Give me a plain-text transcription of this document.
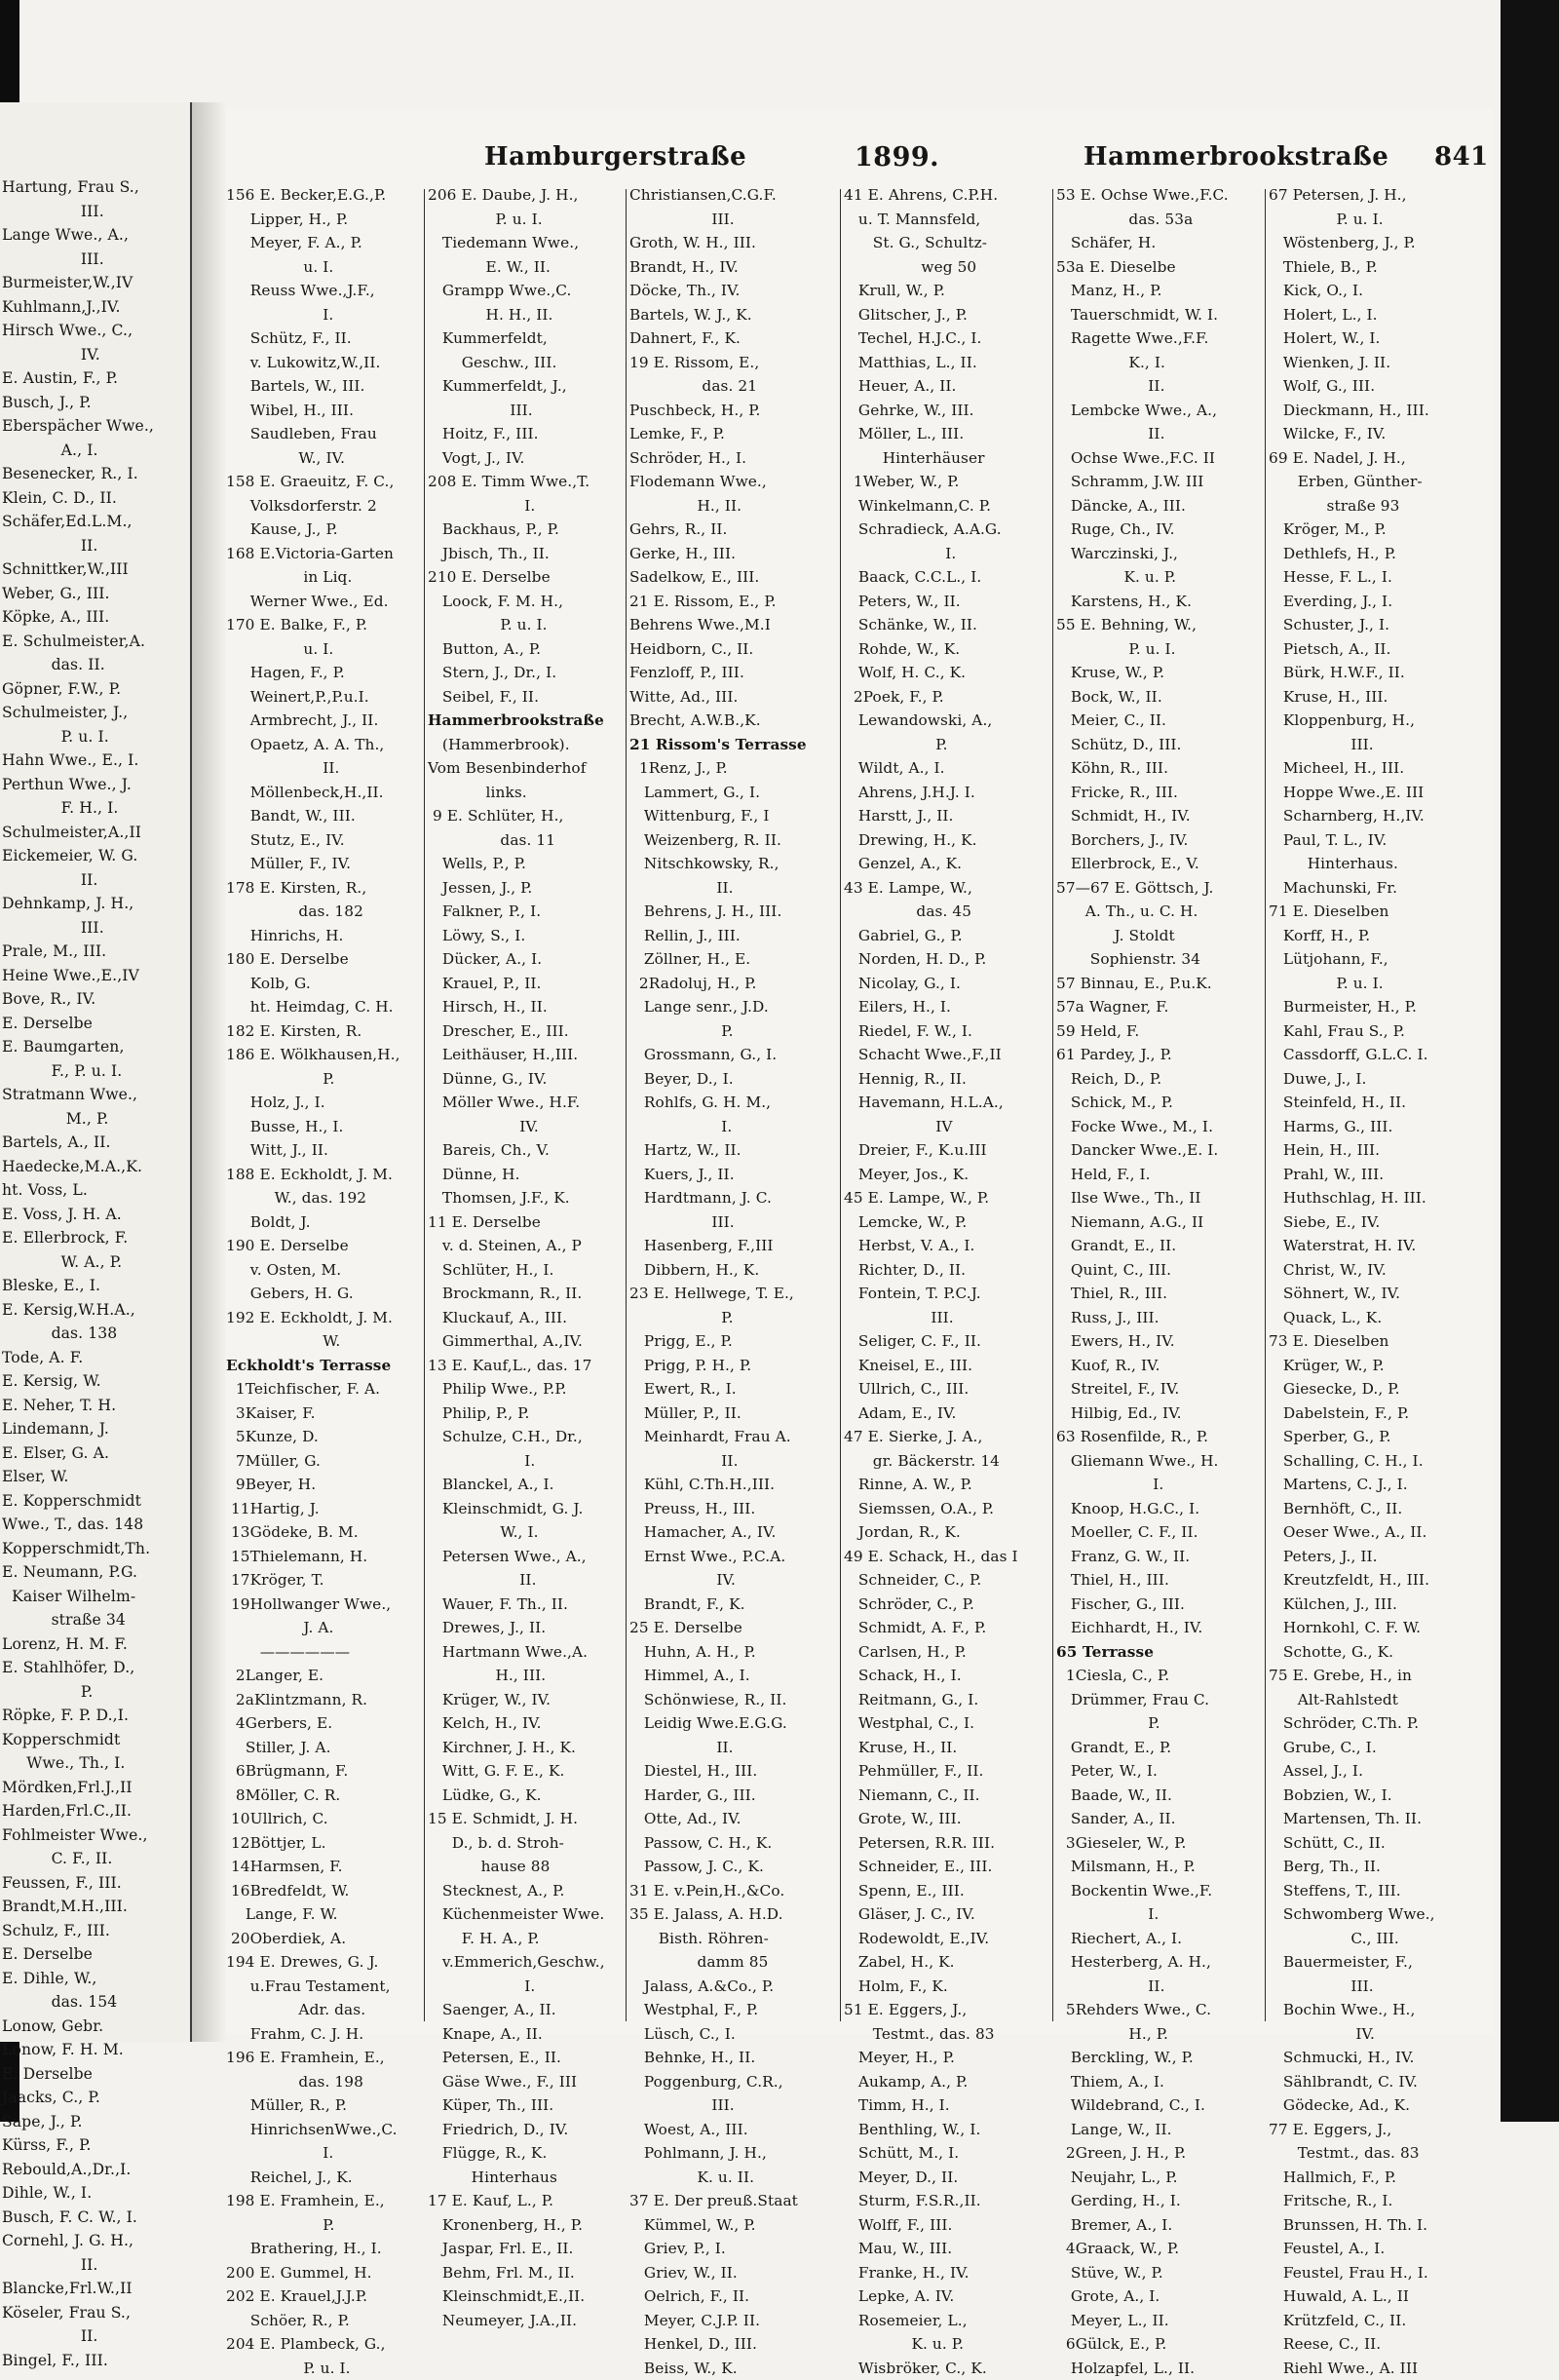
Hartung, Frau S.,
III.
Lange Wwe., A.,
III.
Burmeister,W.,IV
Kuhlmann,J.,IV.
Hirsch Wwe., C.,
IV.
E. Austin, F., P.
Busch, J., P.
Eberspächer Wwe.,
A., I.
Besenecker, R., I.
Klein, C. D., II.
Schäfer,Ed.L.M.,
II.
Schnittker,W.,III
Weber, G., III.
Köpke, A., III.
E. Schulmeister,A.
das. II.
Göpner, F.W., P.
Schulmeister, J.,
P. u. I.
Hahn Wwe., E., I.
Perthun Wwe., J.
F. H., I.
Schulmeister,A.,II
Eickemeier, W. G.
II.
Dehnkamp, J. H.,
III.
Prale, M., III.
Heine Wwe.,E.,IV
Bove, R., IV.
E. Derselbe
E. Baumgarten,
F., P. u. I.
Stratmann Wwe.,
M., P.
Bartels, A., II.
Haedecke,M.A.,K.
ht. Voss, L.
E. Voss, J. H. A.
E. Ellerbrock, F.
W. A., P.
Bleske, E., I.
E. Kersig,W.H.A.,
das. 138
Tode, A. F.
E. Kersig, W.
E. Neher, T. H.
Lindemann, J.
E. Elser, G. A.
Elser, W.
E. Kopperschmidt
Wwe., T., das. 148
Kopperschmidt,Th.
E. Neumann, P.G.
Kaiser Wilhelm-
straße 34
Lorenz, H. M. F.
E. Stahlhöfer, D.,
P.
Röpke, F. P. D.,I.
Kopperschmidt
Wwe., Th., I.
Mördken,Frl.J.,II
Harden,Frl.C.,II.
Fohlmeister Wwe.,
C. F., II.
Feussen, F., III.
Brandt,M.H.,III.
Schulz, F., III.
E. Derselbe
E. Dihle, W.,
das. 154
Lonow, Gebr.
Lonow, F. H. M.
E. Derselbe
Jaacks, C., P.
Sape, J., P.
Kürss, F., P.
Rebould,A.,Dr.,I.
Dihle, W., I.
Busch, F. C. W., I.
Cornehl, J. G. H.,
II.
Blancke,Frl.W.,II
Köseler, Frau S.,
II.
Bingel, F., III.
Hamburgerstraße	1899.	Hammerbrookstraße 841
156 E. Becker,E.G.,P.
Lipper, H., P.
Meyer, F. A., P.
u. I.
Reuss Wwe.,J.F.,
I.
Schütz, F., II.
v. Lukowitz,W.,II.
Bartels, W., III.
Wibel, H., III.
Saudleben, Frau
W., IV.
158 E. Graeuitz, F. C.,
Volksdorferstr. 2
Kause, J., P.
168 E.Victoria-Garten
in Liq.
Werner Wwe., Ed.
170 E. Balke, F., P.
u. I.
Hagen, F., P.
Weinert,P.,P.u.I.
Armbrecht, J., II.
Opaetz, A. A. Th.,
II.
Möllenbeck,H.,II.
Bandt, W., III.
Stutz, E., IV.
Müller, F., IV.
178 E. Kirsten, R.,
das. 182
Hinrichs, H.
180 E. Derselbe
Kolb, G.
ht. Heimdag, C. H.
182 E. Kirsten, R.
186 E. Wölkhausen,H.,
P.
Holz, J., I.
Busse, H., I.
Witt, J., II.
188 E. Eckholdt, J. M.
W., das. 192
Boldt, J.
190 E. Derselbe
v. Osten, M.
Gebers, H. G.
192 E. Eckholdt, J. M.
W.
Eckholdt's Terrasse
1Teichfischer, F. A.
3Kaiser, F.
5Kunze, D.
7Müller, G.
9Beyer, H.
11Hartig, J.
13Gödeke, B. M.
15Thielemann, H.
17Kröger, T.
19Hollwanger Wwe.,
J. A.
——————
2Langer, E.
2aKlintzmann, R.
4Gerbers, E.
Stiller, J. A.
6Brügmann, F.
8Möller, C. R.
10Ullrich, C.
12Böttjer, L.
14Harmsen, F.
16Bredfeldt, W.
Lange, F. W.
20Oberdiek, A.
194 E. Drewes, G. J.
u.Frau Testament,
Adr. das.
Frahm, C. J. H.
196 E. Framhein, E.,
das. 198
Müller, R., P.
HinrichsenWwe.,C.
I.
Reichel, J., K.
198 E. Framhein, E.,
P.
Brathering, H., I.
200 E. Gummel, H.
202 E. Krauel,J.J.P.
Schöer, R., P.
204 E. Plambeck, G.,
P. u. I.
206 E. Daube, J. H.,
P. u. I.
Tiedemann Wwe.,
E. W., II.
Grampp Wwe.,C.
H. H., II.
Kummerfeldt,
Geschw., III.
Kummerfeldt, J.,
III.
Hoitz, F., III.
Vogt, J., IV.
208 E. Timm Wwe.,T.
I.
Backhaus, P., P.
Jbisch, Th., II.
210 E. Derselbe
Loock, F. M. H.,
P. u. I.
Button, A., P.
Stern, J., Dr., I.
Seibel, F., II.
Hammerbrookstraße
(Hammerbrook).
Vom Besenbinderhof
links.
9 E. Schlüter, H.,
das. 11
Wells, P., P.
Jessen, J., P.
Falkner, P., I.
Löwy, S., I.
Dücker, A., I.
Krauel, P., II.
Hirsch, H., II.
Drescher, E., III.
Leithäuser, H.,III.
Dünne, G., IV.
Möller Wwe., H.F.
IV.
Bareis, Ch., V.
Dünne, H.
Thomsen, J.F., K.
11 E. Derselbe
v. d. Steinen, A., P
Schlüter, H., I.
Brockmann, R., II.
Kluckauf, A., III.
Gimmerthal, A.,IV.
13 E. Kauf,L., das. 17
Philip Wwe., P.P.
Philip, P., P.
Schulze, C.H., Dr.,
I.
Blanckel, A., I.
Kleinschmidt, G. J.
W., I.
Petersen Wwe., A.,
II.
Wauer, F. Th., II.
Drewes, J., II.
Hartmann Wwe.,A.
H., III.
Krüger, W., IV.
Kelch, H., IV.
Kirchner, J. H., K.
Witt, G. F. E., K.
Lüdke, G., K.
15 E. Schmidt, J. H.
D., b. d. Stroh-
hause 88
Stecknest, A., P.
Küchenmeister Wwe.
F. H. A., P.
v.Emmerich,Geschw.,
I.
Saenger, A., II.
Knape, A., II.
Petersen, E., II.
Gäse Wwe., F., III
Küper, Th., III.
Friedrich, D., IV.
Flügge, R., K.
Hinterhaus
17 E. Kauf, L., P.
Kronenberg, H., P.
Jaspar, Frl. E., II.
Behm, Frl. M., II.
Kleinschmidt,E.,II.
Neumeyer, J.A.,II.
Christiansen,C.G.F.
III.
Groth, W. H., III.
Brandt, H., IV.
Döcke, Th., IV.
Bartels, W. J., K.
Dahnert, F., K.
19 E. Rissom, E.,
das. 21
Puschbeck, H., P.
Lemke, F., P.
Schröder, H., I.
Flodemann Wwe.,
H., II.
Gehrs, R., II.
Gerke, H., III.
Sadelkow, E., III.
21 E. Rissom, E., P.
Behrens Wwe.,M.I
Heidborn, C., II.
Fenzloff, P., III.
Witte, Ad., III.
Brecht, A.W.B.,K.
21 Rissom's Terrasse
1Renz, J., P.
Lammert, G., I.
Wittenburg, F., I
Weizenberg, R. II.
Nitschkowsky, R.,
II.
Behrens, J. H., III.
Rellin, J., III.
Zöllner, H., E.
2Radoluj, H., P.
Lange senr., J.D.
P.
Grossmann, G., I.
Beyer, D., I.
Rohlfs, G. H. M.,
I.
Hartz, W., II.
Kuers, J., II.
Hardtmann, J. C.
III.
Hasenberg, F.,III
Dibbern, H., K.
23 E. Hellwege, T. E.,
P.
Prigg, E., P.
Prigg, P. H., P.
Ewert, R., I.
Müller, P., II.
Meinhardt, Frau A.
II.
Kühl, C.Th.H.,III.
Preuss, H., III.
Hamacher, A., IV.
Ernst Wwe., P.C.A.
IV.
Brandt, F., K.
25 E. Derselbe
Huhn, A. H., P.
Himmel, A., I.
Schönwiese, R., II.
Leidig Wwe.E.G.G.
II.
Diestel, H., III.
Harder, G., III.
Otte, Ad., IV.
Passow, C. H., K.
Passow, J. C., K.
31 E. v.Pein,H.,&Co.
35 E. Jalass, A. H.D.
Bisth. Röhren-
damm 85
Jalass, A.&Co., P.
Westphal, F., P.
Lüsch, C., I.
Behnke, H., II.
Poggenburg, C.R.,
III.
Woest, A., III.
Pohlmann, J. H.,
K. u. II.
37 E. Der preuß.Staat
Kümmel, W., P.
Griev, P., I.
Griev, W., II.
Oelrich, F., II.
Meyer, C.J.P. II.
Henkel, D., III.
Beiss, W., K.
41 E. Ahrens, C.P.H.
u. T. Mannsfeld,
St. G., Schultz-
weg 50
Krull, W., P.
Glitscher, J., P.
Techel, H.J.C., I.
Matthias, L., II.
Heuer, A., II.
Gehrke, W., III.
Möller, L., III.
Hinterhäuser
1Weber, W., P.
Winkelmann,C. P.
Schradieck, A.A.G.
I.
Baack, C.C.L., I.
Peters, W., II.
Schänke, W., II.
Rohde, W., K.
Wolf, H. C., K.
2Poek, F., P.
Lewandowski, A.,
P.
Wildt, A., I.
Ahrens, J.H.J. I.
Harstt, J., II.
Drewing, H., K.
Genzel, A., K.
43 E. Lampe, W.,
das. 45
Gabriel, G., P.
Norden, H. D., P.
Nicolay, G., I.
Eilers, H., I.
Riedel, F. W., I.
Schacht Wwe.,F.,II
Hennig, R., II.
Havemann, H.L.A.,
IV
Dreier, F., K.u.III
Meyer, Jos., K.
45 E. Lampe, W., P.
Lemcke, W., P.
Herbst, V. A., I.
Richter, D., II.
Fontein, T. P.C.J.
III.
Seliger, C. F., II.
Kneisel, E., III.
Ullrich, C., III.
Adam, E., IV.
47 E. Sierke, J. A.,
gr. Bäckerstr. 14
Rinne, A. W., P.
Siemssen, O.A., P.
Jordan, R., K.
49 E. Schack, H., das I
Schneider, C., P.
Schröder, C., P.
Schmidt, A. F., P.
Carlsen, H., P.
Schack, H., I.
Reitmann, G., I.
Westphal, C., I.
Kruse, H., II.
Pehmüller, F., II.
Niemann, C., II.
Grote, W., III.
Petersen, R.R. III.
Schneider, E., III.
Spenn, E., III.
Gläser, J. C., IV.
Rodewoldt, E.,IV.
Zabel, H., K.
Holm, F., K.
51 E. Eggers, J.,
Testmt., das. 83
Meyer, H., P.
Aukamp, A., P.
Timm, H., I.
Benthling, W., I.
Schütt, M., I.
Meyer, D., II.
Sturm, F.S.R.,II.
Wolff, F., III.
Mau, W., III.
Franke, H., IV.
Lepke, A. IV.
Rosemeier, L.,
K. u. P.
Wisbröker, C., K.
53 E. Ochse Wwe.,F.C.
das. 53a
Schäfer, H.
53a E. Dieselbe
Manz, H., P.
Tauerschmidt, W. I.
Ragette Wwe.,F.F.
K., I.
II.
Lembcke Wwe., A.,
II.
Ochse Wwe.,F.C. II
Schramm, J.W. III
Däncke, A., III.
Ruge, Ch., IV.
Warczinski, J.,
K. u. P.
Karstens, H., K.
55 E. Behning, W.,
P. u. I.
Kruse, W., P.
Bock, W., II.
Meier, C., II.
Schütz, D., III.
Köhn, R., III.
Fricke, R., III.
Schmidt, H., IV.
Borchers, J., IV.
Ellerbrock, E., V.
57—67 E. Göttsch, J.
A. Th., u. C. H.
J. Stoldt
Sophienstr. 34
57 Binnau, E., P.u.K.
57a Wagner, F.
59 Held, F.
61 Pardey, J., P.
Reich, D., P.
Schick, M., P.
Focke Wwe., M., I.
Dancker Wwe.,E. I.
Held, F., I.
Ilse Wwe., Th., II
Niemann, A.G., II
Grandt, E., II.
Quint, C., III.
Thiel, R., III.
Russ, J., III.
Ewers, H., IV.
Kuof, R., IV.
Streitel, F., IV.
Hilbig, Ed., IV.
63 Rosenfilde, R., P.
Gliemann Wwe., H.
I.
Knoop, H.G.C., I.
Moeller, C. F., II.
Franz, G. W., II.
Thiel, H., III.
Fischer, G., III.
Eichhardt, H., IV.
65 Terrasse
1Ciesla, C., P.
Drümmer, Frau C.
P.
Grandt, E., P.
Peter, W., I.
Baade, W., II.
Sander, A., II.
3Gieseler, W., P.
Milsmann, H., P.
Bockentin Wwe.,F.
I.
Riechert, A., I.
Hesterberg, A. H.,
II.
5Rehders Wwe., C.
H., P.
Berckling, W., P.
Thiem, A., I.
Wildebrand, C., I.
Lange, W., II.
2Green, J. H., P.
Neujahr, L., P.
Gerding, H., I.
Bremer, A., I.
4Graack, W., P.
Stüve, W., P.
Grote, A., I.
Meyer, L., II.
6Gülck, E., P.
Holzapfel, L., II.
67 Petersen, J. H.,
P. u. I.
Wöstenberg, J., P.
Thiele, B., P.
Kick, O., I.
Holert, L., I.
Holert, W., I.
Wienken, J. II.
Wolf, G., III.
Dieckmann, H., III.
Wilcke, F., IV.
69 E. Nadel, J. H.,
Erben, Günther-
straße 93
Kröger, M., P.
Dethlefs, H., P.
Hesse, F. L., I.
Everding, J., I.
Schuster, J., I.
Pietsch, A., II.
Bürk, H.W.F., II.
Kruse, H., III.
Kloppenburg, H.,
III.
Micheel, H., III.
Hoppe Wwe.,E. III
Scharnberg, H.,IV.
Paul, T. L., IV.
Hinterhaus.
Machunski, Fr.
71 E. Dieselben
Korff, H., P.
Lütjohann, F.,
P. u. I.
Burmeister, H., P.
Kahl, Frau S., P.
Cassdorff, G.L.C. I.
Duwe, J., I.
Steinfeld, H., II.
Harms, G., III.
Hein, H., III.
Prahl, W., III.
Huthschlag, H. III.
Siebe, E., IV.
Waterstrat, H. IV.
Christ, W., IV.
Söhnert, W., IV.
Quack, L., K.
73 E. Dieselben
Krüger, W., P.
Giesecke, D., P.
Dabelstein, F., P.
Sperber, G., P.
Schalling, C. H., I.
Martens, C. J., I.
Bernhöft, C., II.
Oeser Wwe., A., II.
Peters, J., II.
Kreutzfeldt, H., III.
Külchen, J., III.
Hornkohl, C. F. W.
Schotte, G., K.
75 E. Grebe, H., in
Alt-Rahlstedt
Schröder, C.Th. P.
Grube, C., I.
Assel, J., I.
Bobzien, W., I.
Martensen, Th. II.
Schütt, C., II.
Berg, Th., II.
Steffens, T., III.
Schwomberg Wwe.,
C., III.
Bauermeister, F.,
III.
Bochin Wwe., H.,
IV.
Schmucki, H., IV.
Sählbrandt, C. IV.
Gödecke, Ad., K.
77 E. Eggers, J.,
Testmt., das. 83
Hallmich, F., P.
Fritsche, R., I.
Brunssen, H. Th. I.
Feustel, A., I.
Feustel, Frau H., I.
Huwald, A. L., II
Krützfeld, C., II.
Reese, C., II.
Riehl Wwe., A. III
